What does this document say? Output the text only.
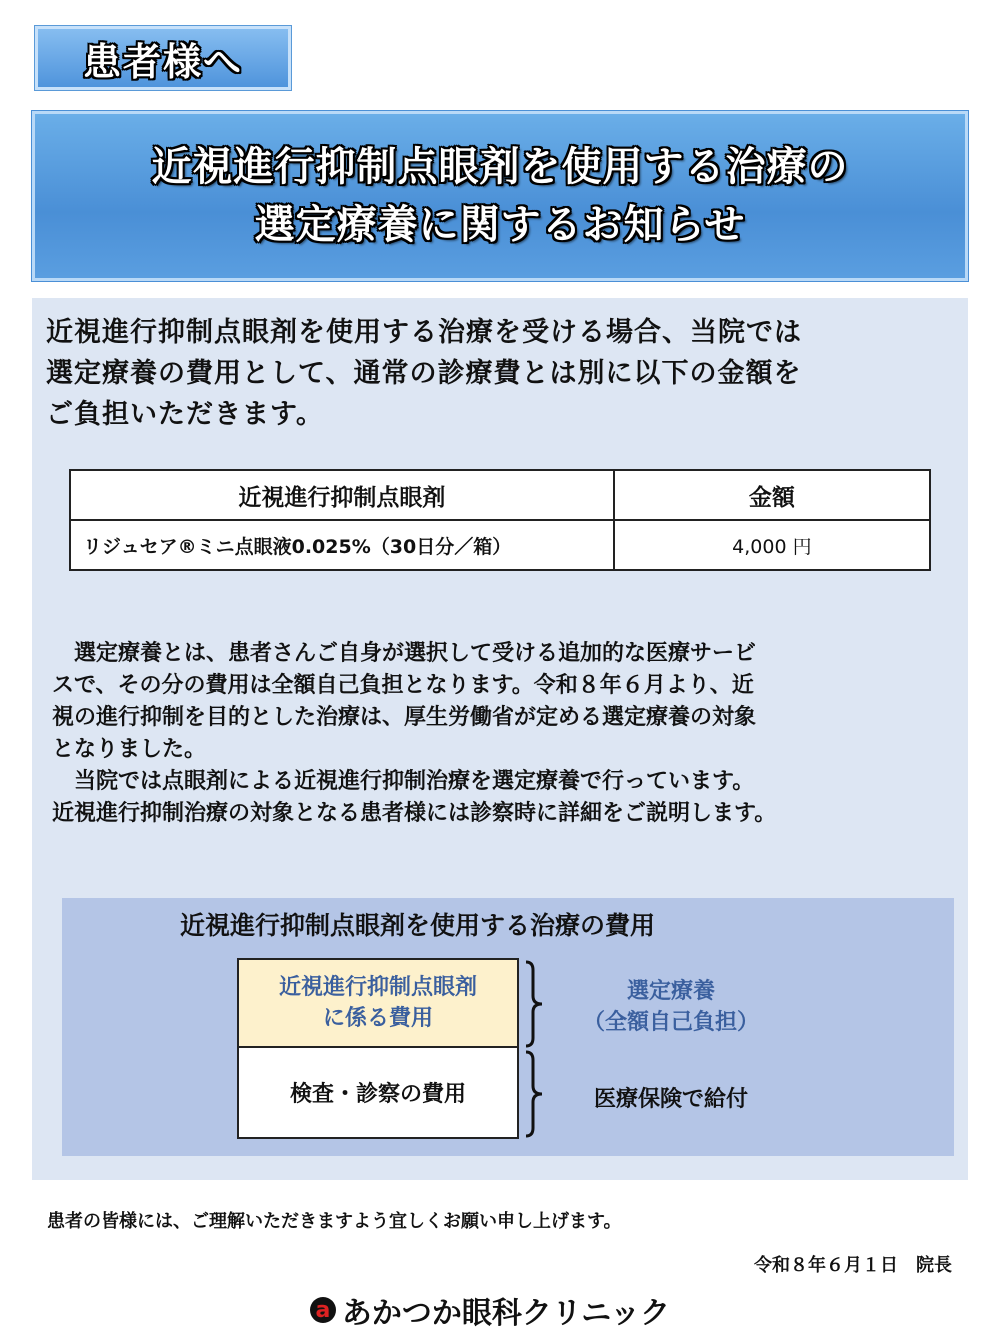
患者様へ
近視進行抑制点眼剤を使用する治療の
選定療養に関するお知らせ
近視進行抑制点眼剤を使用する治療を受ける場合、当院では
選定療養の費用として、通常の診療費とは別に以下の金額を
ご負担いただきます。
近視進行抑制点眼剤	金額
リジュセア®ミニ点眼液0.025%（30日分／箱）	4,000 円

　選定療養とは、患者さんご自身が選択して受ける追加的な医療サービ

スで、その分の費用は全額自己負担となります。令和８年６月より、近

視の進行抑制を目的とした治療は、厚生労働省が定める選定療養の対象

となりました。

　当院では点眼剤による近視進行抑制治療を選定療養で行っています。

近視進行抑制治療の対象となる患者様には診察時に詳細をご説明します。

近視進行抑制点眼剤を使用する治療の費用
近視進行抑制点眼剤
に係る費用
検査・診察の費用
選定療養
（全額自己負担）
医療保険で給付
患者の皆様には、ご理解いただきますよう宜しくお願い申し上げます。
令和８年６月１日　院長
a あかつか眼科クリニック
